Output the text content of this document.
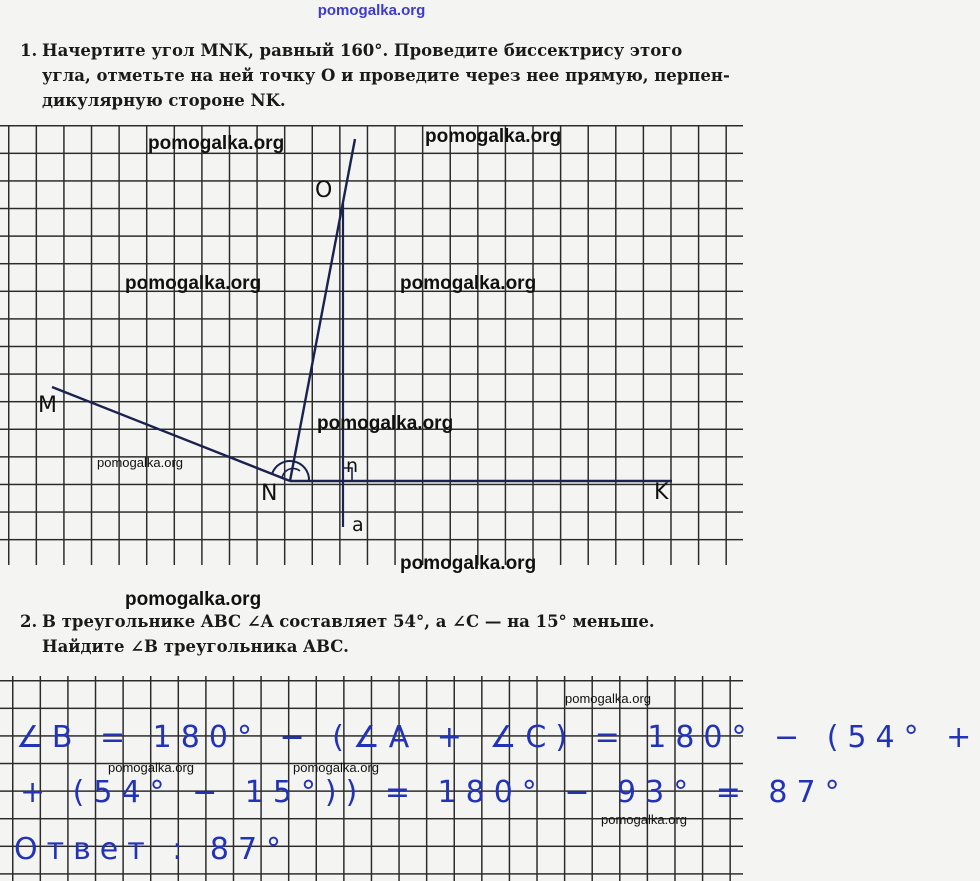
pomogalka.org
1. Начертите угол MNK, равный 160°. Проведите биссектрису этого
угла, отметьте на ней точку O и проведите через нее прямую, перпен-
дикулярную стороне NK.
M
N	K
O
n
a
2. В треугольнике ABC ∠A составляет 54°, а ∠C — на 15° меньше.
Найдите ∠B треугольника ABC.
∠B = 180° − (∠A + ∠C) = 180° − (54° +
+ (54° − 15°)) = 180° − 93° = 87°
Ответ : 87°
pomogalka.org	pomogalka.org
pomogalka.org	pomogalka.org
pomogalka.org
pomogalka.org
pomogalka.org
pomogalka.org
pomogalka.org
pomogalka.org	pomogalka.org
pomogalka.org
